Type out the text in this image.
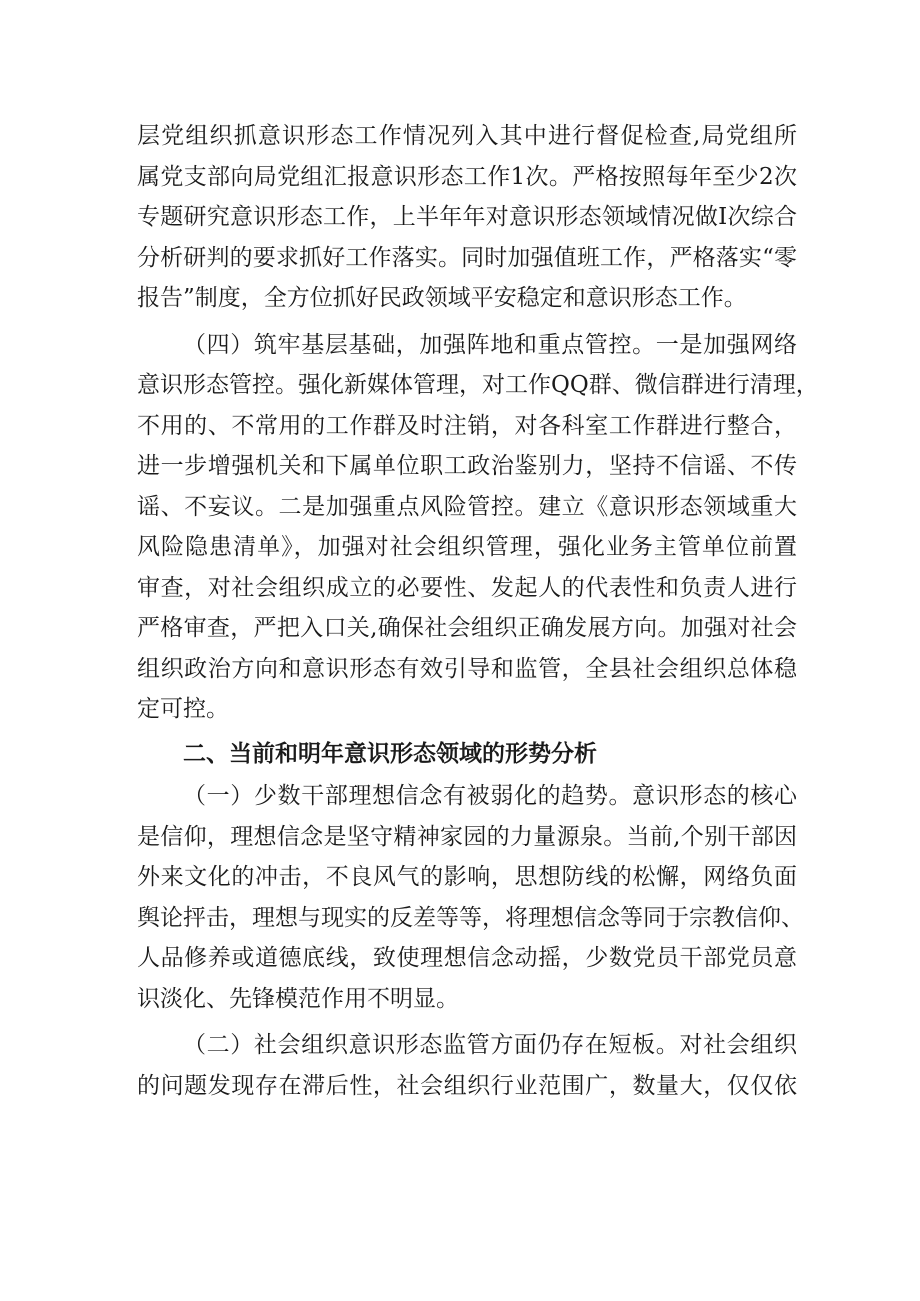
层党组织抓意识形态工作情况列入其中进行督促检查,局党组所
属党支部向局党组汇报意识形态工作1次。严格按照每年至少2次
专题研究意识形态工作，上半年年对意识形态领域情况做I次综合
分析研判的要求抓好工作落实。同时加强值班工作，严格落实“零
报告”制度，全方位抓好民政领域平安稳定和意识形态工作。
（四）筑牢基层基础，加强阵地和重点管控。一是加强网络
意识形态管控。强化新媒体管理，对工作QQ群、微信群进行清理，
不用的、不常用的工作群及时注销，对各科室工作群进行整合，
进一步增强机关和下属单位职工政治鉴别力，坚持不信谣、不传
谣、不妄议。二是加强重点风险管控。建立《意识形态领域重大
风险隐患清单》，加强对社会组织管理，强化业务主管单位前置
审查，对社会组织成立的必要性、发起人的代表性和负责人进行
严格审查，严把入口关,确保社会组织正确发展方向。加强对社会
组织政治方向和意识形态有效引导和监管，全县社会组织总体稳
定可控。
二、当前和明年意识形态领域的形势分析
（一）少数干部理想信念有被弱化的趋势。意识形态的核心
是信仰，理想信念是坚守精神家园的力量源泉。当前,个别干部因
外来文化的冲击，不良风气的影响，思想防线的松懈，网络负面
舆论抨击，理想与现实的反差等等，将理想信念等同于宗教信仰、
人品修养或道德底线，致使理想信念动摇，少数党员干部党员意
识淡化、先锋模范作用不明显。
（二）社会组织意识形态监管方面仍存在短板。对社会组织
的问题发现存在滞后性，社会组织行业范围广，数量大，仅仅依
